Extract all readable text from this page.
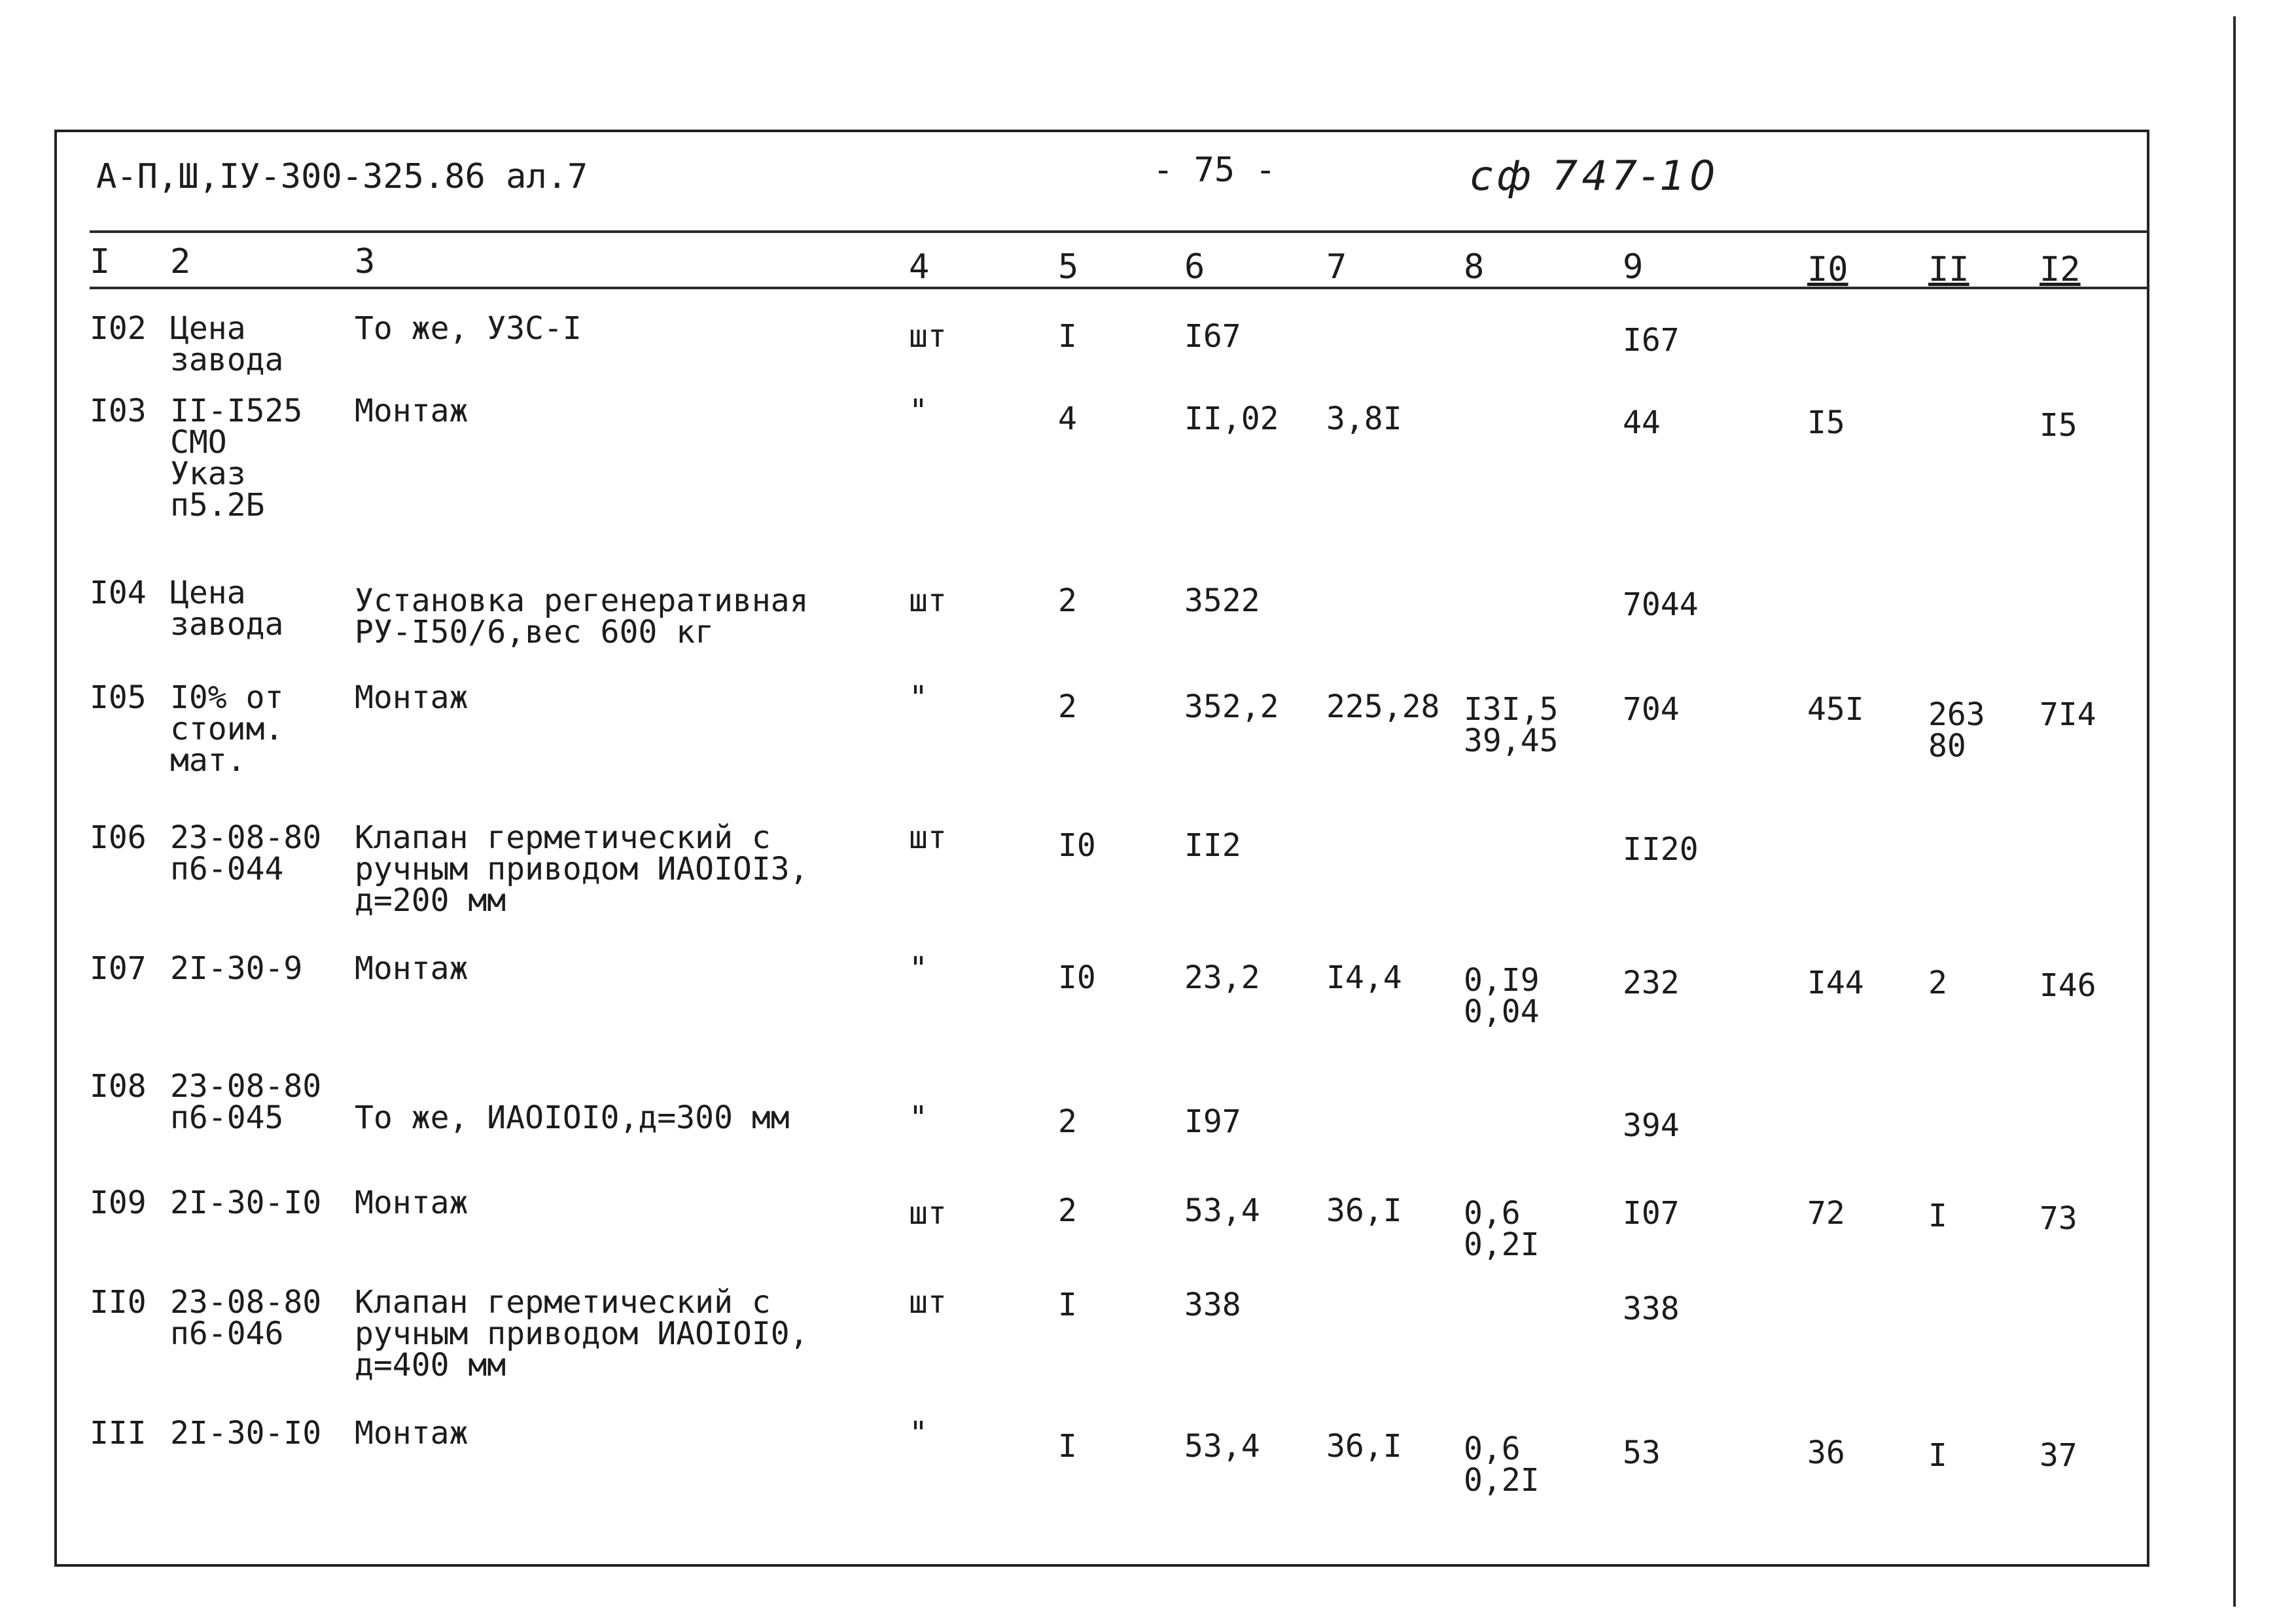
А-П,Ш,IУ-300-325.86 ал.7	- 75 -	сф 747-10
I 2	3	4	5	6	7	8	9	I0 II I2
I02 Цена
завода
То же, УЗС-I	шт	I	I67	I67
I03 II-I525
СМО
Указ
п5.2Б
Монтаж	"	4	II,02 3,8I	44	I5	I5
I04 Цена
завода
Установка регенеративная
РУ-I50/6,вес 600 кг
шт	2	3522	7044
I05 I0% от
стоим.
мат.
Монтаж	"	2	352,2 225,28 I3I,5
39,45
704	45I 263
80
7I4
I06 23-08-80
п6-044
Клапан герметический с
ручным приводом ИАОIОI3,
д=200 мм
шт	I0	II2	II20
I07 2I-30-9 Монтаж	"	I0	23,2 I4,4 0,I9
0,04
232	I44 2	I46
I08 23-08-80
п6-045	То же, ИАОIОI0,д=300 мм	"	2	I97	394
I09 2I-30-I0 Монтаж	шт	2	53,4 36,I 0,6
0,2I
I07	72	I	73
II0 23-08-80
п6-046
Клапан герметический с
ручным приводом ИАОIОI0,
д=400 мм
шт	I	338	338
III 2I-30-I0 Монтаж	"	I	53,4 36,I 0,6
0,2I
53	36	I	37
